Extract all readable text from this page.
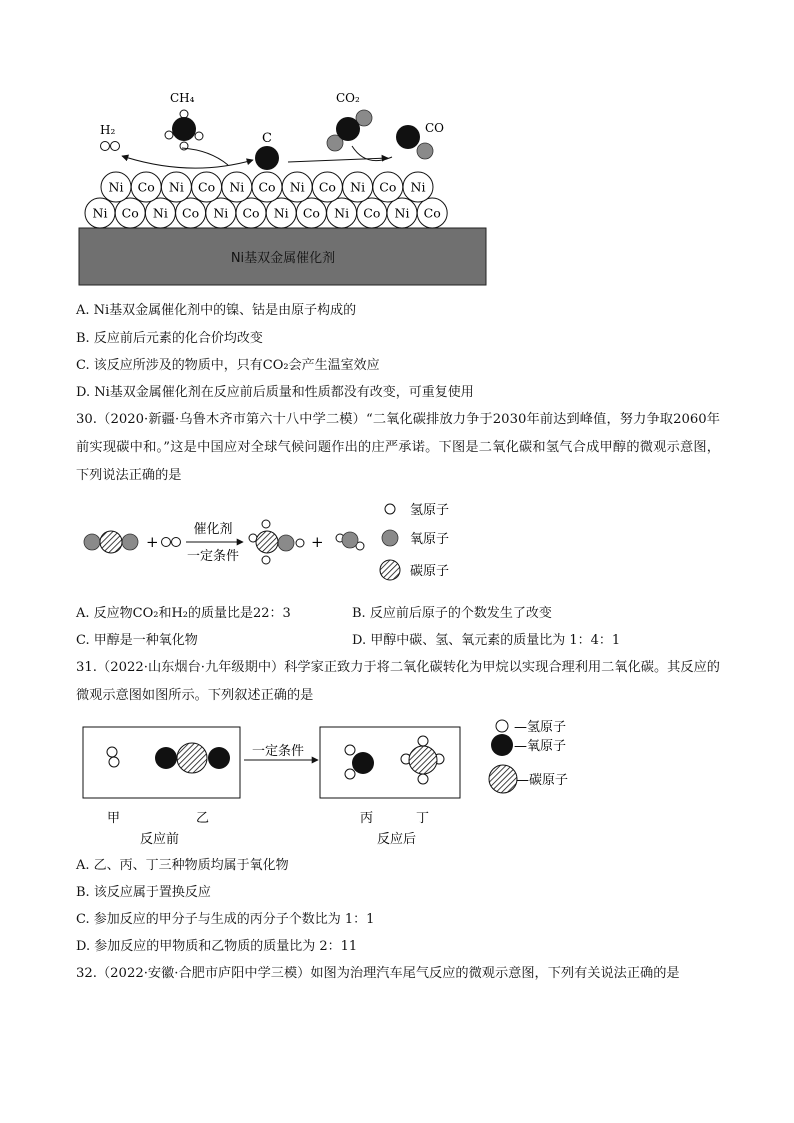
H₂
CH₄
C
CO₂
CO
Ni基双金属催化剂
Ni Co Ni Co Ni Co Ni Co Ni Co Ni Co
Ni Co Ni Co Ni Co Ni Co Ni Co Ni
A. Ni基双金属催化剂中的镍、钴是由原子构成的
B. 反应前后元素的化合价均改变
C. 该反应所涉及的物质中，只有CO₂会产生温室效应
D. Ni基双金属催化剂在反应前后质量和性质都没有改变，可重复使用
30.（2020·新疆·乌鲁木齐市第六十八中学二模）“二氧化碳排放力争于2030年前达到峰值，努力争取2060年前实现碳中和。”这是中国应对全球气候问题作出的庄严承诺。下图是二氧化碳和氢气合成甲醇的微观示意图，下列说法正确的是
+
催化剂
一定条件
+
氢原子
氧原子
碳原子
A. 反应物CO₂和H₂的质量比是22：3	B. 反应前后原子的个数发生了改变
C. 甲醇是一种氧化物	D. 甲醇中碳、氢、氧元素的质量比为 1：4：1
31.（2022·山东烟台·九年级期中）科学家正致力于将二氧化碳转化为甲烷以实现合理利用二氧化碳。其反应的微观示意图如图所示。下列叙述正确的是
一定条件
甲	乙
反应前
丙	丁
反应后
—氢原子
—氧原子
—碳原子
A. 乙、丙、丁三种物质均属于氧化物
B. 该反应属于置换反应
C. 参加反应的甲分子与生成的丙分子个数比为 1：1
D. 参加反应的甲物质和乙物质的质量比为 2：11
32.（2022·安徽·合肥市庐阳中学三模）如图为治理汽车尾气反应的微观示意图，下列有关说法正确的是
